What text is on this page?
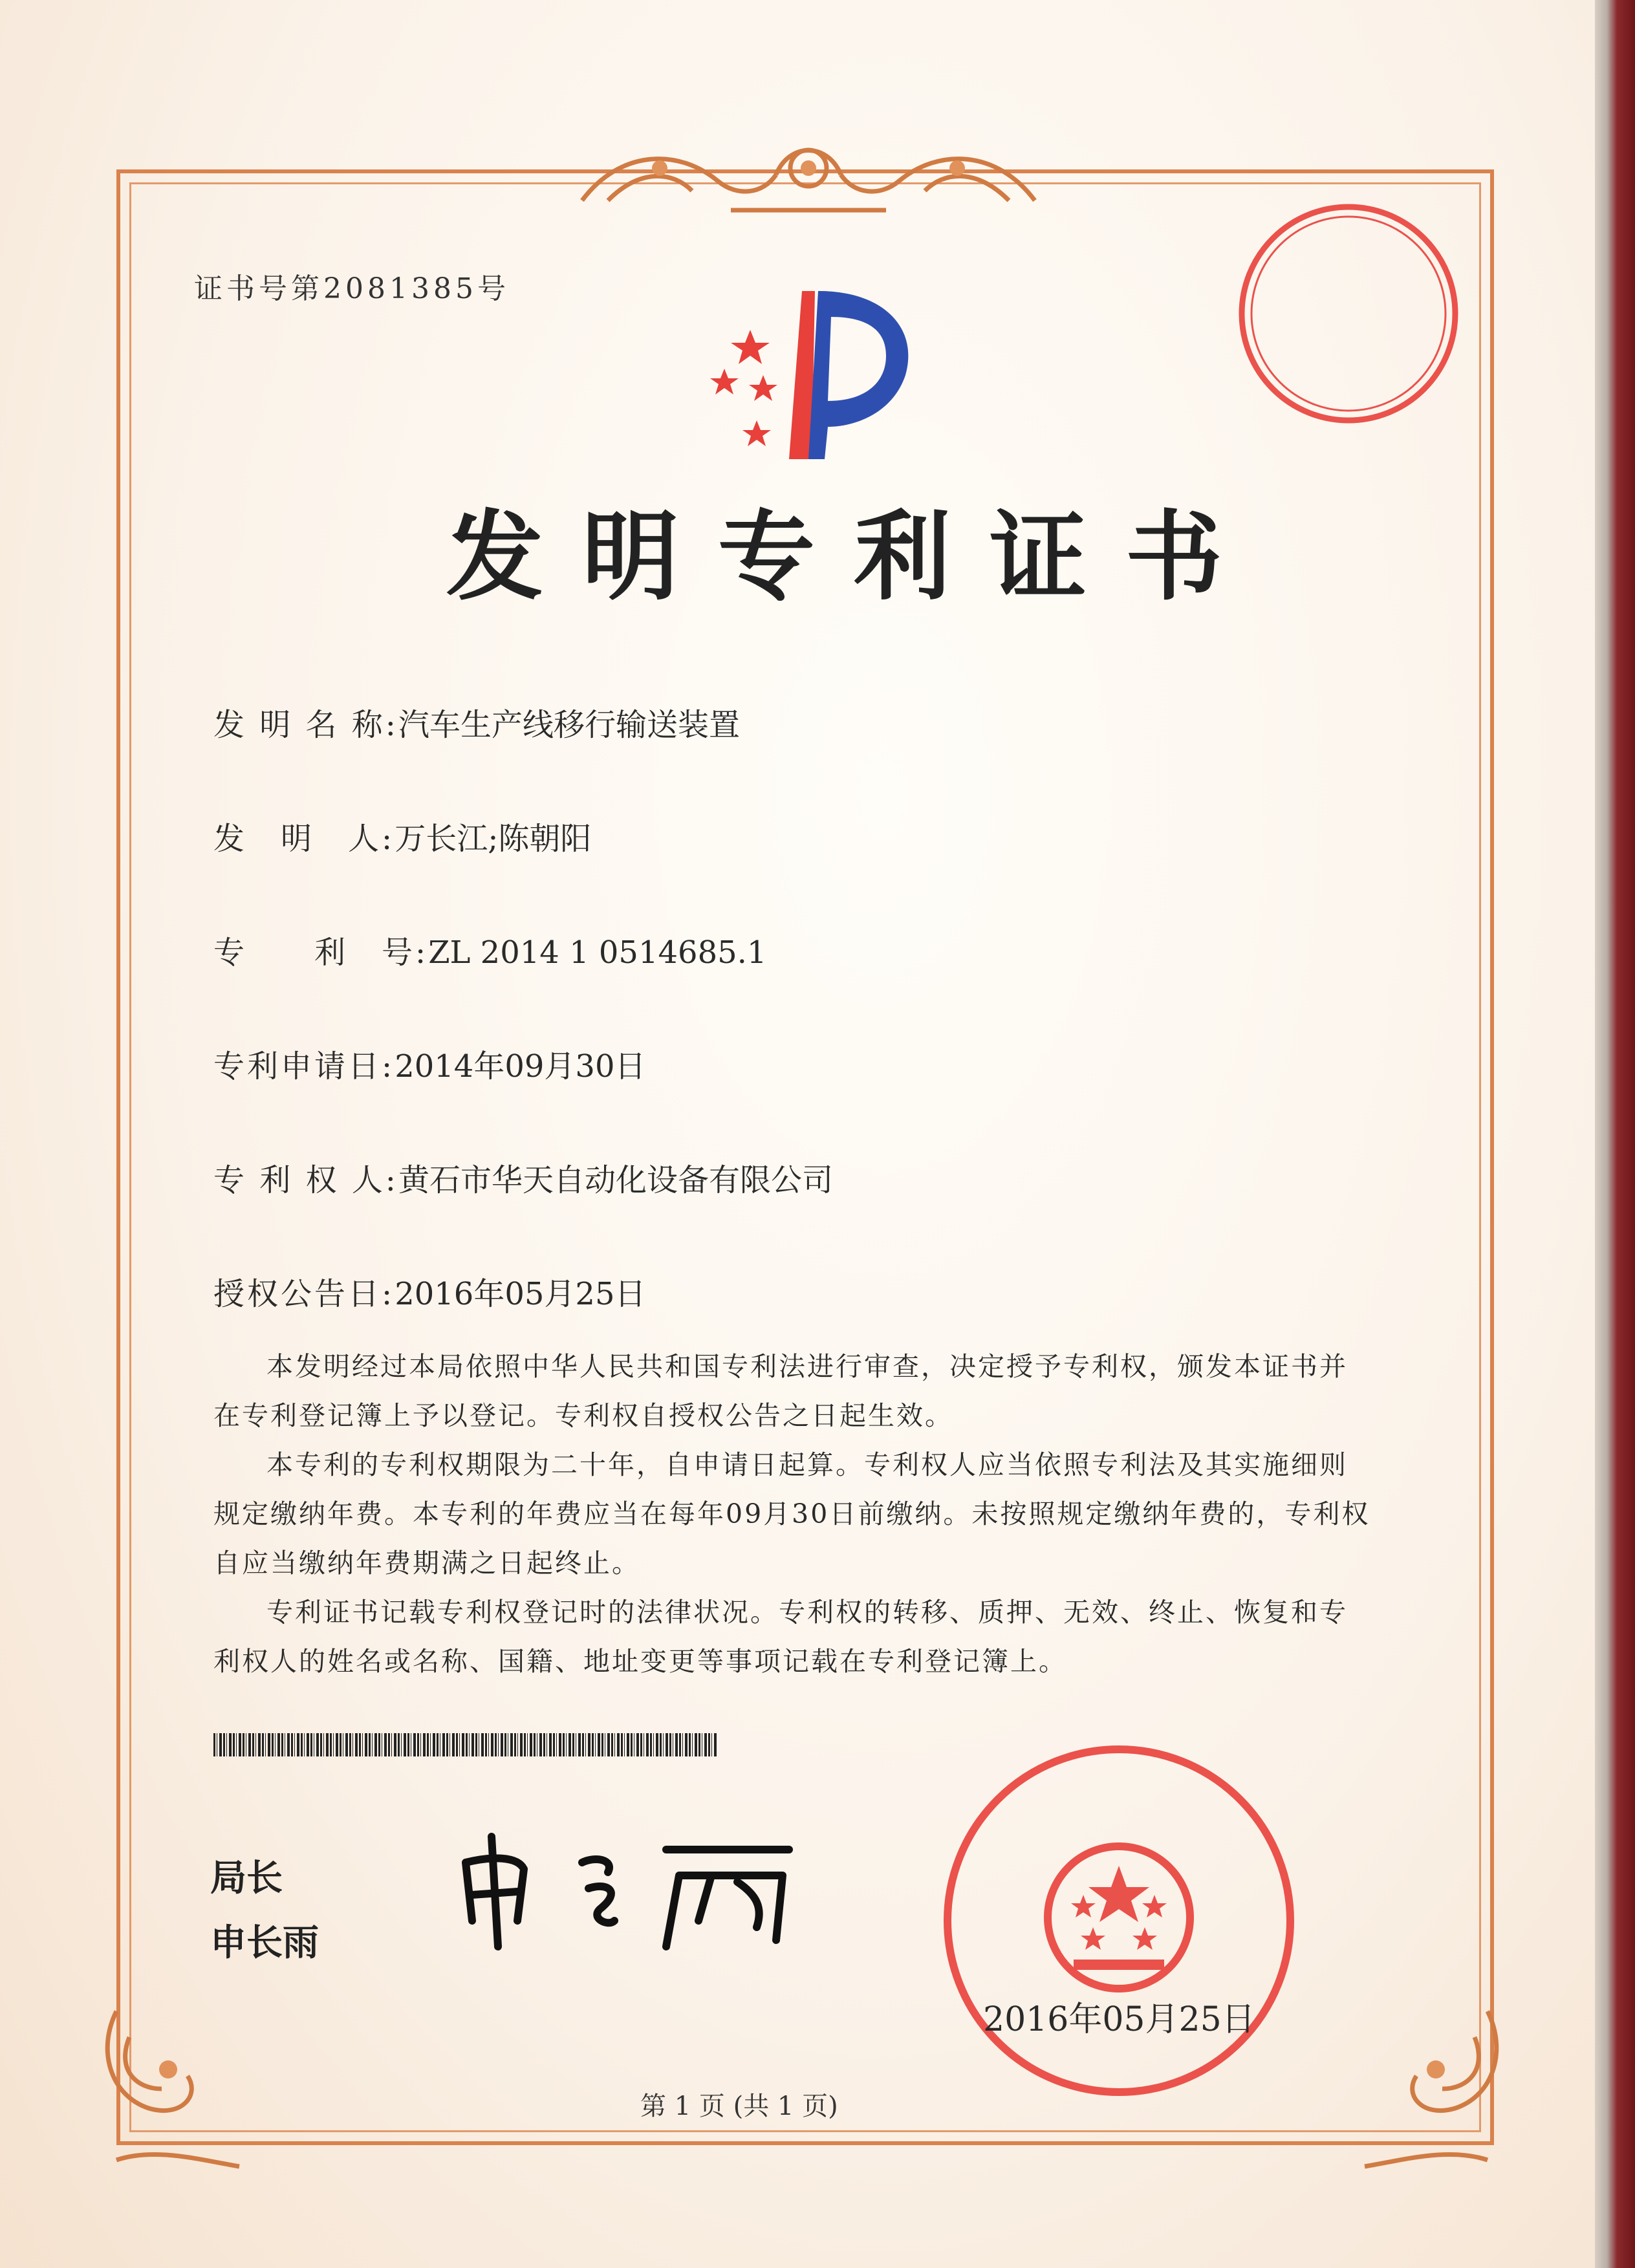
证书号第2081385号
发明专利证书
发 明 名 称:汽车生产线移行输送装置
发　明　人:万长江;陈朝阳
专　　利　号:ZL 2014 1 0514685.1
专利申请日:2014年09月30日
专 利 权 人:黄石市华天自动化设备有限公司
授权公告日:2016年05月25日

本发明经过本局依照中华人民共和国专利法进行审查，决定授予专利权，颁发本证书并在专利登记簿上予以登记。专利权自授权公告之日起生效。

本专利的专利权期限为二十年，自申请日起算。专利权人应当依照专利法及其实施细则规定缴纳年费。本专利的年费应当在每年09月30日前缴纳。未按照规定缴纳年费的，专利权自应当缴纳年费期满之日起终止。

专利证书记载专利权登记时的法律状况。专利权的转移、质押、无效、终止、恢复和专利权人的姓名或名称、国籍、地址变更等事项记载在专利登记簿上。

局长
申长雨
2016年05月25日
第 1 页 (共 1 页)
